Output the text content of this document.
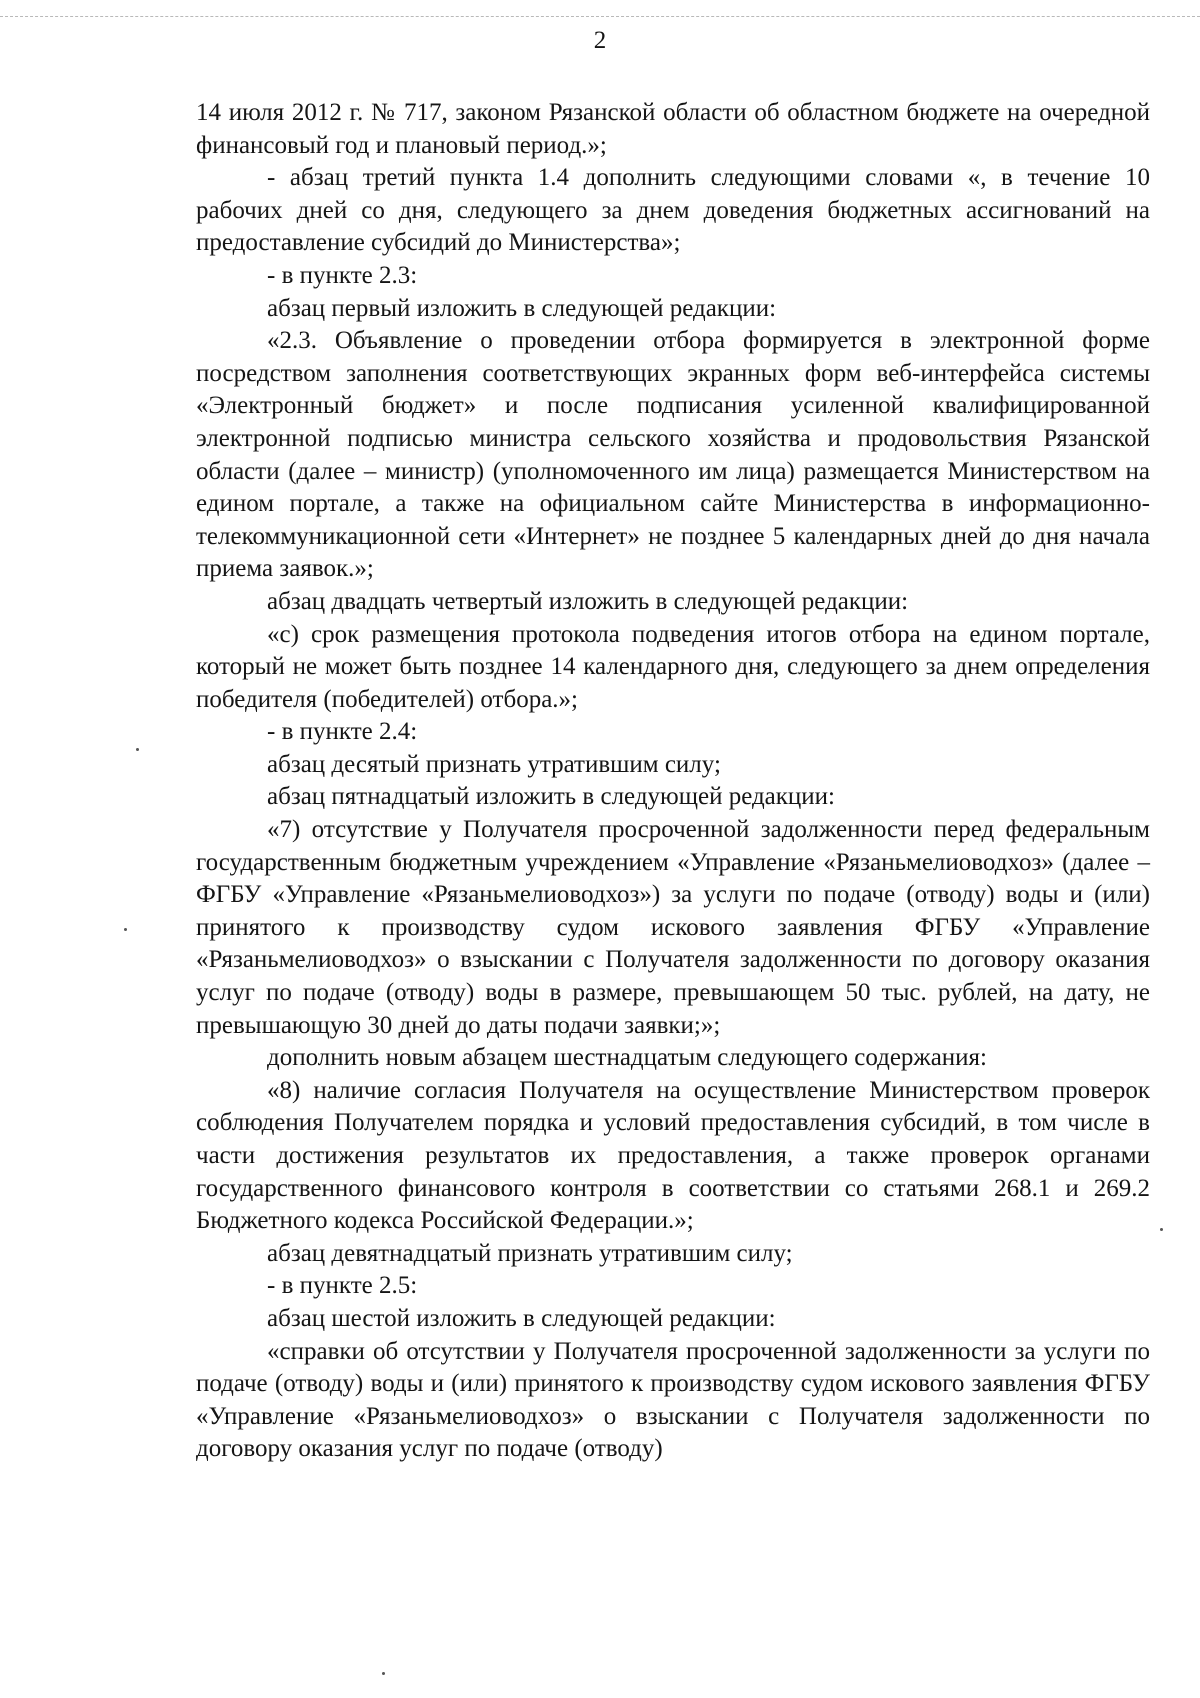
2

14 июля 2012 г. № 717, законом Рязанской области об областном бюджете на очередной финансовый год и плановый период.»;

- абзац третий пункта 1.4 дополнить следующими словами «, в течение 10 рабочих дней со дня, следующего за днем доведения бюджетных ассигнований на предоставление субсидий до Министерства»;

- в пункте 2.3:

абзац первый изложить в следующей редакции:

«2.3. Объявление о проведении отбора формируется в электронной форме посредством заполнения соответствующих экранных форм веб-интерфейса системы «Электронный бюджет» и после подписания усиленной квалифицированной электронной подписью министра сельского хозяйства и продовольствия Рязанской области (далее – министр) (уполномоченного им лица) размещается Министерством на едином портале, а также на официальном сайте Министерства в информационно-телекоммуникационной сети «Интернет» не позднее 5 календарных дней до дня начала приема заявок.»;

абзац двадцать четвертый изложить в следующей редакции:

«с) срок размещения протокола подведения итогов отбора на едином портале, который не может быть позднее 14 календарного дня, следующего за днем определения победителя (победителей) отбора.»;

- в пункте 2.4:

абзац десятый признать утратившим силу;

абзац пятнадцатый изложить в следующей редакции:

«7) отсутствие у Получателя просроченной задолженности перед федеральным государственным бюджетным учреждением «Управление «Рязаньмелиоводхоз» (далее – ФГБУ «Управление «Рязаньмелиоводхоз») за услуги по подаче (отводу) воды и (или) принятого к производству судом искового заявления ФГБУ «Управление «Рязаньмелиоводхоз» о взыскании с Получателя задолженности по договору оказания услуг по подаче (отводу) воды в размере, превышающем 50 тыс. рублей, на дату, не превышающую 30 дней до даты подачи заявки;»;

дополнить новым абзацем шестнадцатым следующего содержания:

«8) наличие согласия Получателя на осуществление Министерством проверок соблюдения Получателем порядка и условий предоставления субсидий, в том числе в части достижения результатов их предоставления, а также проверок органами государственного финансового контроля в соответствии со статьями 268.1 и 269.2 Бюджетного кодекса Российской Федерации.»;

абзац девятнадцатый признать утратившим силу;

- в пункте 2.5:

абзац шестой изложить в следующей редакции:

«справки об отсутствии у Получателя просроченной задолженности за услуги по подаче (отводу) воды и (или) принятого к производству судом искового заявления ФГБУ «Управление «Рязаньмелиоводхоз» о взыскании с Получателя задолженности по договору оказания услуг по подаче (отводу)
